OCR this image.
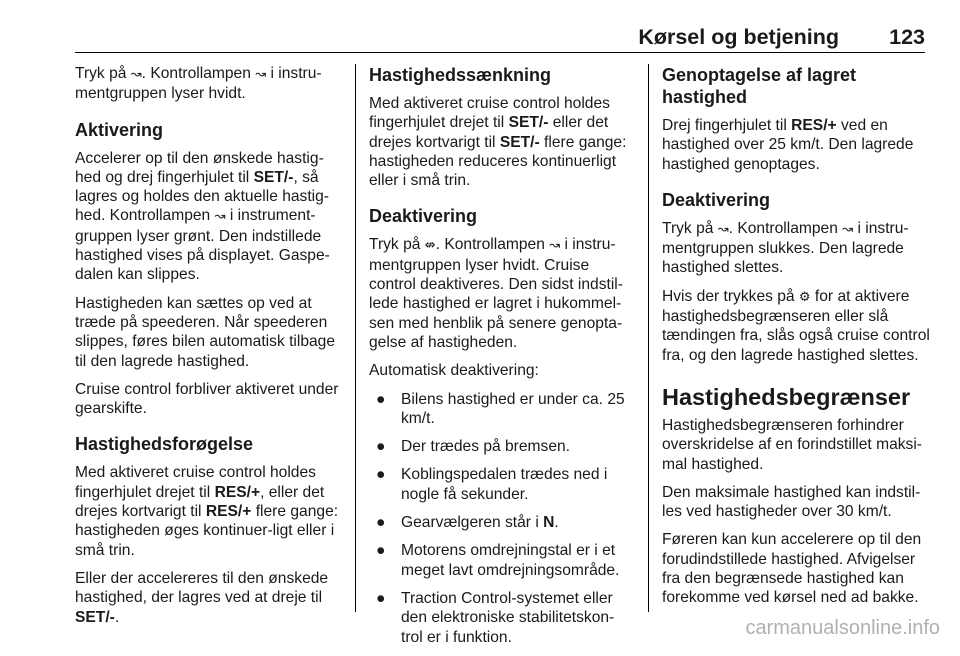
Kørsel og betjening 123

Tryk på ↝. Kontrollampen ↝ i instru-mentgruppen lyser hvidt.

Aktivering

Accelerer op til den ønskede hastig-hed og drej fingerhjulet til SET/-, så lagres og holdes den aktuelle hastig-hed. Kontrollampen ↝ i instrument-gruppen lyser grønt. Den indstillede hastighed vises på displayet. Gaspe-dalen kan slippes.

Hastigheden kan sættes op ved at træde på speederen. Når speederen slippes, føres bilen automatisk tilbage til den lagrede hastighed.

Cruise control forbliver aktiveret under gearskifte.

Hastighedsforøgelse

Med aktiveret cruise control holdes fingerhjulet drejet til RES/+, eller det drejes kortvarigt til RES/+ flere gange: hastigheden øges kontinuer-ligt eller i små trin.

Eller der accelereres til den ønskede hastighed, der lagres ved at dreje til SET/-.

Hastighedssænkning

Med aktiveret cruise control holdes fingerhjulet drejet til SET/- eller det drejes kortvarigt til SET/- flere gange: hastigheden reduceres kontinuerligt eller i små trin.

Deaktivering

Tryk på ⇎. Kontrollampen ↝ i instru-mentgruppen lyser hvidt. Cruise control deaktiveres. Den sidst indstil-lede hastighed er lagret i hukommel-sen med henblik på senere genopta-gelse af hastigheden.

Automatisk deaktivering:

● Bilens hastighed er under ca. 25 km/t.
● Der trædes på bremsen.
● Koblingspedalen trædes ned i nogle få sekunder.
● Gearvælgeren står i N.
● Motorens omdrejningstal er i et meget lavt omdrejningsområde.
● Traction Control-systemet eller den elektroniske stabilitetskon-trol er i funktion.
Genoptagelse af lagret hastighed

Drej fingerhjulet til RES/+ ved en hastighed over 25 km/t. Den lagrede hastighed genoptages.

Deaktivering

Tryk på ↝. Kontrollampen ↝ i instru-mentgruppen slukkes. Den lagrede hastighed slettes.

Hvis der trykkes på ⚙ for at aktivere hastighedsbegrænseren eller slå tændingen fra, slås også cruise control fra, og den lagrede hastighed slettes.

Hastighedsbegrænser

Hastighedsbegrænseren forhindrer overskridelse af en forindstillet maksi-mal hastighed.

Den maksimale hastighed kan indstil-les ved hastigheder over 30 km/t.

Føreren kan kun accelerere op til den forudindstillede hastighed. Afvigelser fra den begrænsede hastighed kan forekomme ved kørsel ned ad bakke.

carmanualsonline.info
